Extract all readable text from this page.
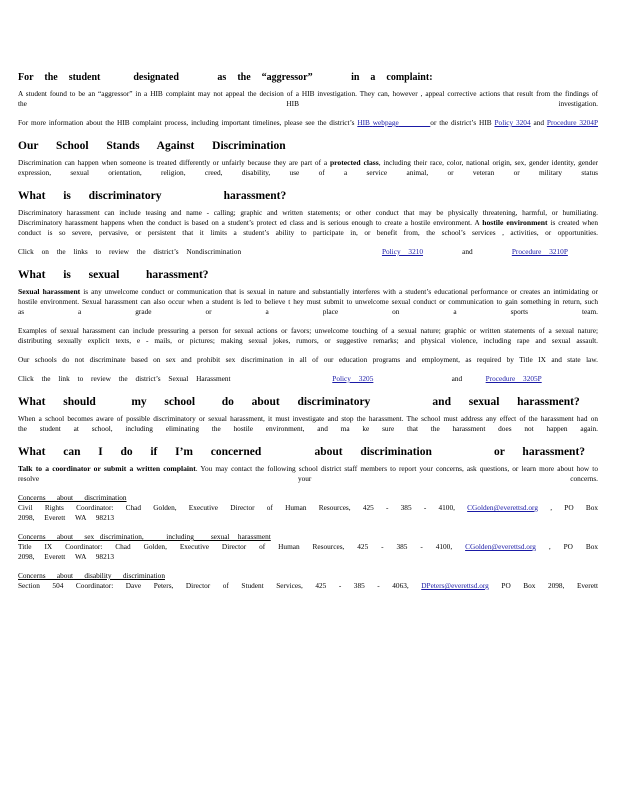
For  the  student      designated       as  the  “aggressor”       in  a  complaint:

A student found to be an “aggressor” in a HIB complaint may not appeal the decision of a HIB investigation. They can, however , appeal corrective actions that result from the findings of the HIB investigation.

For more information about the HIB complaint process, including important timelines, please see the district’s HIB webpage	or the district’s HIB Policy 3204 and Procedure 3204P

Our  School  Stands  Against  Discrimination

Discrimination can happen when someone is treated differently or unfairly because they are part of a protected class, including their race, color, national origin, sex, gender identity, gender expression, sexual orientation, religion, creed, disability, use of a service animal, or veteran or military status

What  is  discriminatory       harassment?

Discriminatory harassment can include teasing and name - calling; graphic and written statements; or other conduct that may be physically threatening, harmful, or humiliating. Discriminatory harassment happens when the conduct is based on a student’s protect ed class and is serious enough to create a hostile environment. A hostile environment is created when conduct is so severe, pervasive, or persistent that it limits a student’s ability to participate in, or benefit from, the school’s services , activities, or opportunities.

Click on the links to review the district’s Nondiscrimination	Policy 3210	and	Procedure 3210P

What  is  sexual   harassment?

Sexual harassment is any unwelcome conduct or communication that is sexual in nature and substantially interferes with a student’s educational performance or creates an intimidating or hostile environment. Sexual harassment can also occur when a student is led to believe t hey must submit to unwelcome sexual conduct or communication to gain something in return, such as a grade or a place on a sports team.

Examples of sexual harassment can include pressuring a person for sexual actions or favors; unwelcome touching of a sexual nature; graphic or written statements of a sexual nature; distributing sexually explicit texts, e - mails, or pictures; making sexual jokes, rumors, or suggestive remarks; and physical violence, including rape and sexual assault.

Our schools do not discriminate based on sex and prohibit sex discrimination in all of our education programs and employment, as required by Title IX and state law.

Click the link to review the district’s Sexual Harassment	Policy 3205	and	Procedure 3205P

What  should    my  school   do  about  discriminatory       and  sexual  harassment?

When a school becomes aware of possible discriminatory or sexual harassment, it must investigate and stop the harassment. The school must address any effect of the harassment had on the student at school, including eliminating the hostile environment, and ma ke sure that the harassment does not happen again.

What  can  I  do  if  I’m  concerned      about  discrimination       or  harassment?

Talk to a coordinator or submit a written complaint. You may contact the following school district staff members to report your concerns, ask questions, or learn more about how to resolve your concerns.

Concerns    about    discrimination

Civil Rights Coordinator: Chad Golden, Executive Director of Human Resources, 425 - 385 - 4100, CGolden@everettsd.org , PO Box

2098, Everett WA 98213

Concerns    about    sex  discrimination,        including      sexual   harassment

Title IX Coordinator: Chad Golden, Executive Director of Human Resources, 425 - 385 - 4100, CGolden@everettsd.org , PO Box

2098, Everett WA 98213

Concerns    about    disability    discrimination

Section 504 Coordinator: Dave Peters, Director of Student Services, 425 - 385 - 4063, DPeters@everettsd.org PO Box 2098, Everett
